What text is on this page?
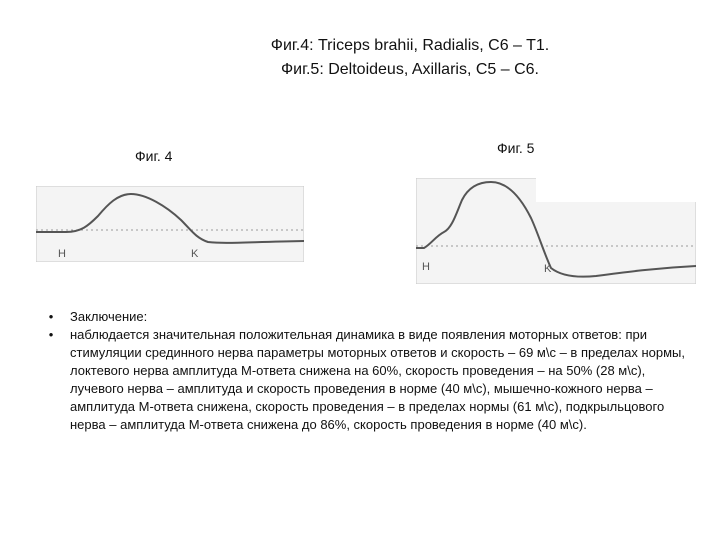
Фиг.4: Triceps brahii, Radialis, C6 – T1.
Фиг.5: Deltoideus, Axillaris, C5 – C6.
Фиг. 4	Фиг. 5
H	K
H	K
• Заключение:
• наблюдается значительная положительная динамика в виде появления моторных ответов: при стимуляции срединного нерва параметры моторных ответов и скорость – 69 м\с – в пределах нормы, локтевого нерва амплитуда М-ответа снижена на 60%, скорость проведения – на 50% (28 м\с), лучевого нерва – амплитуда и скорость проведения в норме (40 м\с), мышечно-кожного нерва – амплитуда М-ответа снижена, скорость проведения – в пределах нормы (61 м\с), подкрыльцового нерва – амплитуда М-ответа снижена до 86%, скорость проведения в норме (40 м\с).
